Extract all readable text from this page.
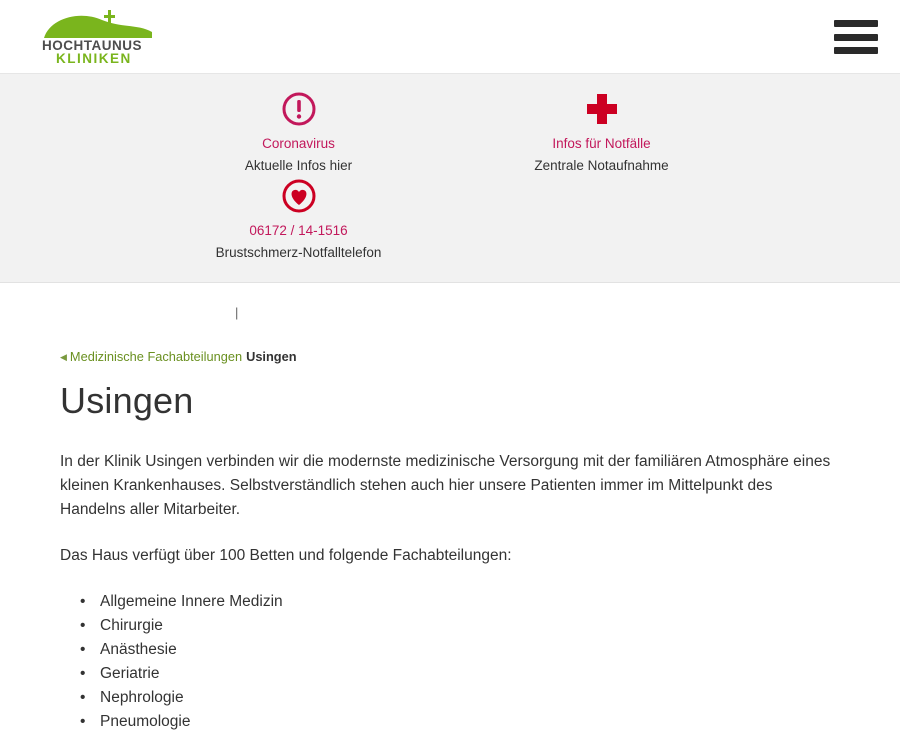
HOCHTAUNUS
KLINIKEN
Coronavirus
Aktuelle Infos hier
Infos für Notfälle
Zentrale Notaufnahme
06172 / 14-1516
Brustschmerz-Notfalltelefon
|
◀ Medizinische Fachabteilungen Usingen
Usingen

In der Klinik Usingen verbinden wir die modernste medizinische Versorgung mit der familiären Atmosphäre eines kleinen Krankenhauses. Selbstverständlich stehen auch hier unsere Patienten immer im Mittelpunkt des Handelns aller Mitarbeiter.

Das Haus verfügt über 100 Betten und folgende Fachabteilungen:

• Allgemeine Innere Medizin
• Chirurgie
• Anästhesie
• Geriatrie
• Nephrologie
• Pneumologie
